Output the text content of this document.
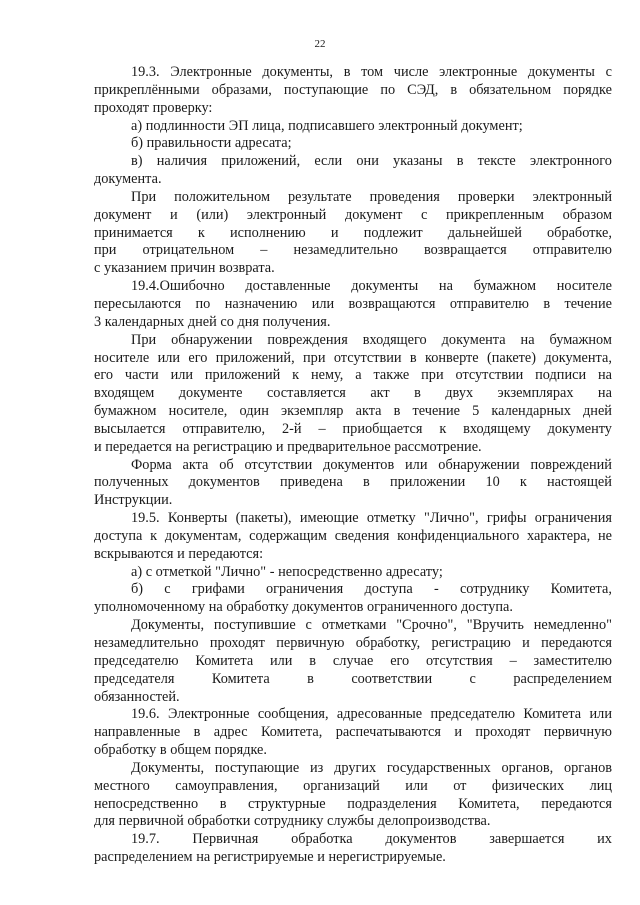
22
19.3. Электронные документы, в том числе электронные документы с
прикреплёнными образами, поступающие по СЭД, в обязательном порядке
проходят проверку:
а) подлинности ЭП лица, подписавшего электронный документ;
б) правильности адресата;
в) наличия приложений, если они указаны в тексте электронного
документа.
При положительном результате проведения проверки электронный
документ и (или) электронный документ с прикрепленным образом
принимается к исполнению и подлежит дальнейшей обработке,
при отрицательном – незамедлительно возвращается отправителю
с указанием причин возврата.
19.4.Ошибочно доставленные документы на бумажном носителе
пересылаются по назначению или возвращаются отправителю в течение
3 календарных дней со дня получения.
При обнаружении повреждения входящего документа на бумажном
носителе или его приложений, при отсутствии в конверте (пакете) документа,
его части или приложений к нему, а также при отсутствии подписи на
входящем документе составляется акт в двух экземплярах на
бумажном носителе, один экземпляр акта в течение 5 календарных дней
высылается отправителю, 2-й – приобщается к входящему документу
и передается на регистрацию и предварительное рассмотрение.
Форма акта об отсутствии документов или обнаружении повреждений
полученных документов приведена в приложении 10 к настоящей
Инструкции.
19.5. Конверты (пакеты), имеющие отметку "Лично", грифы ограничения
доступа к документам, содержащим сведения конфиденциального характера, не
вскрываются и передаются:
а) с отметкой "Лично" - непосредственно адресату;
б) с грифами ограничения доступа - сотруднику Комитета,
уполномоченному на обработку документов ограниченного доступа.
Документы, поступившие с отметками "Срочно", "Вручить немедленно"
незамедлительно проходят первичную обработку, регистрацию и передаются
председателю Комитета или в случае его отсутствия – заместителю
председателя	Комитета	в	соответствии	с	распределением
обязанностей.
19.6. Электронные сообщения, адресованные председателю Комитета или
направленные в адрес Комитета, распечатываются и проходят первичную
обработку в общем порядке.
Документы, поступающие из других государственных органов, органов
местного самоуправления, организаций или от физических лиц
непосредственно в структурные подразделения Комитета, передаются
для первичной обработки сотруднику службы делопроизводства.
19.7. Первичная обработка документов завершается их
распределением на регистрируемые и нерегистрируемые.
